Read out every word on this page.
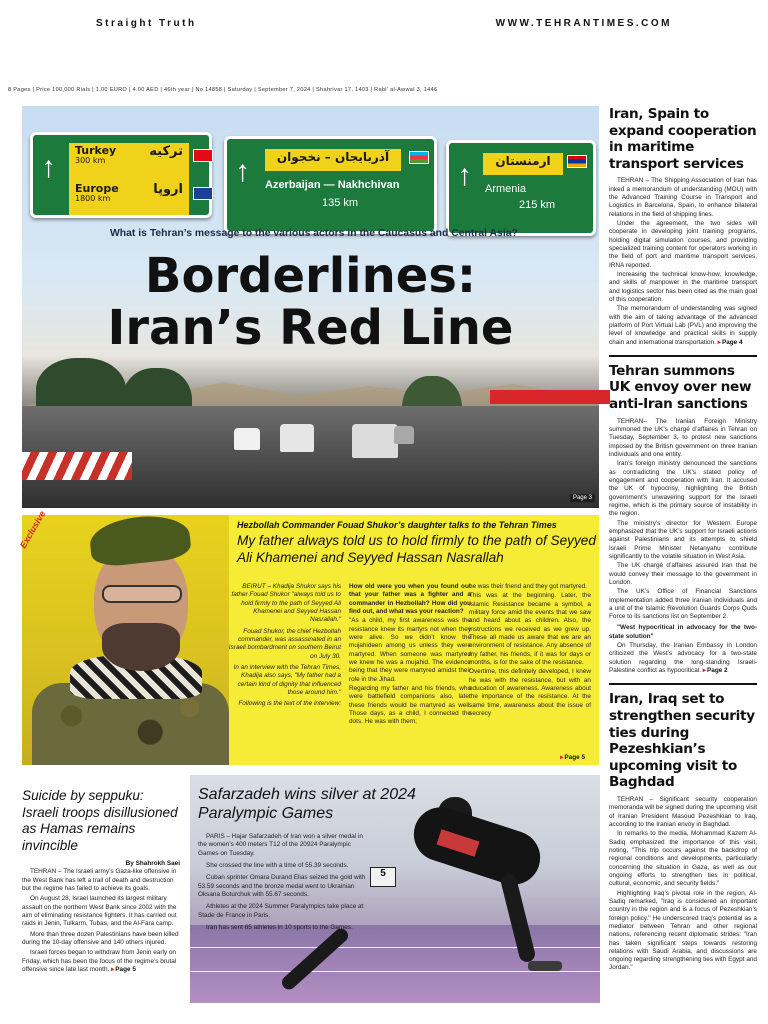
Straight Truth	WWW.TEHRANTIMES.COM
8 Pages | Price 100,000 Rials | 1.00 EURO | 4.00 AED | 46th year | No.14858 | Saturday | September 7, 2024 | Shahrivar 17, 1403 | Rabi' al-Awwal 3, 1446
↑
Turkey
300 km
ترکیه
Europe
1800 km
اروپا
↑	آذربایجان – نخجوان
Azerbaijan — Nakhchivan
135 km
↑	ارمنستان
Armenia
215 km
What is Tehran’s message to the various actors in the Caucasus and Central Asia?
Borderlines:
Iran’s Red Line
Page 3
Iran, Spain to expand cooperation in maritime transport services

TEHRAN – The Shipping Association of Iran has inked a memorandum of understanding (MOU) with the Advanced Training Course in Transport and Logistics in Barcelona, Spain, to enhance bilateral relations in the field of shipping lines.

Under the agreement, the two sides will cooperate in developing joint training programs, holding digital simulation courses, and providing specialized training content for operators working in the field of port and maritime transport services, IRNA reported.

Increasing the technical know-how, knowledge, and skills of manpower in the maritime transport and logistics sector has been cited as the main goal of this cooperation.

The memorandum of understanding was signed with the aim of taking advantage of the advanced platform of Port Virtual Lab (PVL) and improving the level of knowledge and practical skills in supply chain and international transportation. ▸ Page 4

Tehran summons UK envoy over new anti-Iran sanctions

TEHRAN– The Iranian Foreign Ministry summoned the UK’s chargé d’affaires in Tehran on Tuesday, September 3, to protest new sanctions imposed by the British government on three Iranian individuals and one entity.

Iran’s foreign ministry denounced the sanctions as contradicting the UK’s stated policy of engagement and cooperation with Iran. It accused the UK of hypocrisy, highlighting the British government’s unwavering support for the Israeli regime, which is the primary source of instability in the region.

The ministry’s director for Western Europe emphasized that the UK’s support for Israeli actions against Palestinians and its attempts to shield Israeli Prime Minister Netanyahu contribute significantly to the volatile situation in West Asia.

The UK chargé d’affaires assured Iran that he would convey their message to the government in London.

The UK’s Office of Financial Sanctions Implementation added three Iranian individuals and a unit of the Islamic Revolution Guards Corps Quds Force to its sanctions list on September 2.

"West hypocritical in advocacy for the two-state solution"

On Thursday, the Iranian Embassy in London criticized the West’s advocacy for a two-state solution regarding the long-standing Israeli-Palestine conflict as hypocritical. ▸ Page 2

Iran, Iraq set to strengthen security ties during Pezeshkian’s upcoming visit to Baghdad

TEHRAN – Significant security cooperation memoranda will be signed during the upcoming visit of Iranian President Masoud Pezeshkian to Iraq, according to the Iranian envoy in Baghdad.

In remarks to the media, Mohammad Kazem Al-Sadiq emphasized the importance of this visit, noting, "This trip occurs against the backdrop of regional conditions and developments, particularly concerning the situation in Gaza, as well as our ongoing efforts to strengthen ties in political, cultural, economic, and security fields."

Highlighting Iraq’s pivotal role in the region, Al-Sadiq remarked, "Iraq is considered an important country in the region and is a focus of Pezeshkian’s foreign policy." He underscored Iraq’s potential as a mediator between Tehran and other regional nations, referencing recent diplomatic strides: "Iran has taken significant steps towards restoring relations with Saudi Arabia, and discussions are ongoing regarding strengthening ties with Egypt and Jordan."

Exclusive	Hezbollah Commander Fouad Shukor’s daughter talks to the Tehran Times
My father always told us to hold firmly to the path of Seyyed Ali Khamenei and Seyyed Hassan Nasrallah

BEIRUT – Khadija Shukor says his father Fouad Shukor "always told us to hold firmly to the path of Seyyed Ali Khamenei and Seyyed Hassan Nasrallah."

Fouad Shukor, the chief Hezbollah commander, was assassinated in an Israeli bombardment on southern Beirut on July 30.

In an interview with the Tehran Times, Khadija also says, "My father had a certain kind of dignity that influenced those around him."

Following is the text of the interview:

How old were you when you found out that your father was a fighter and a commander in Hezbollah? How did you find out, and what was your reaction?

"As a child, my first awareness was the resistance knew its martyrs not when they were alive. So we didn't know the mujahideen among us unless they were martyred. When someone was martyred we knew he was a mujahid. The evidence being that they were martyred amidst their role in the Jihad.

Regarding my father and his friends, who were battlefield companions also, later these friends would be martyred as well. Those days, as a child, I connected the dots. He was with them;

he was their friend and they got martyred.

This was at the beginning. Later, the Islamic Resistance became a symbol, a military force amid the events that we saw and heard about as children. Also, the instructions we received as we grew up. These all made us aware that we are an environment of resistance. Any absence of my father, his friends, if it was for days or months, is for the sake of the resistance.

Overtime, this definitely developed, I knew he was with the resistance, but with an education of awareness. Awareness about the importance of the resistance. At the same time, awareness about the issue of secrecy

▸ Page 5
Suicide by seppuku: Israeli troops disillusioned as Hamas remains invincible
By Shahrokh Saei

TEHRAN – The Israeli army’s Gaza-like offensive in the West Bank has left a trail of death and destruction but the regime has failed to achieve its goals.

On August 28, Israel launched its largest military assault on the northern West Bank since 2002 with the aim of eliminating resistance fighters. It has carried out raids in Jenin, Tulkarm, Tubas, and the Al-Fara camp.

More than three dozen Palestinians have been killed during the 10-day offensive and 140 others injured.

Israeli forces began to withdraw from Jenin early on Friday, which has been the focus of the regime’s brutal offensive since late last month. ▸ Page 5

5
Safarzadeh wins silver at 2024 Paralympic Games

PARIS – Hajar Safarzadeh of Iran won a silver medal in the women’s 400 meters T12 of the 20924 Paralympic Games on Tuesday.

She crossed the line with a time of 55.39 seconds.

Cuban sprinter Omara Durand Elias seized the gold with 53.59 seconds and the bronze medal went to Ukrainian Oksana Boturchuk with 55.67 seconds.

Athletes at the 2024 Summer Paralympics take place at Stade de France in Paris.

Iran has sent 65 athletes in 10 sports to the Games.
